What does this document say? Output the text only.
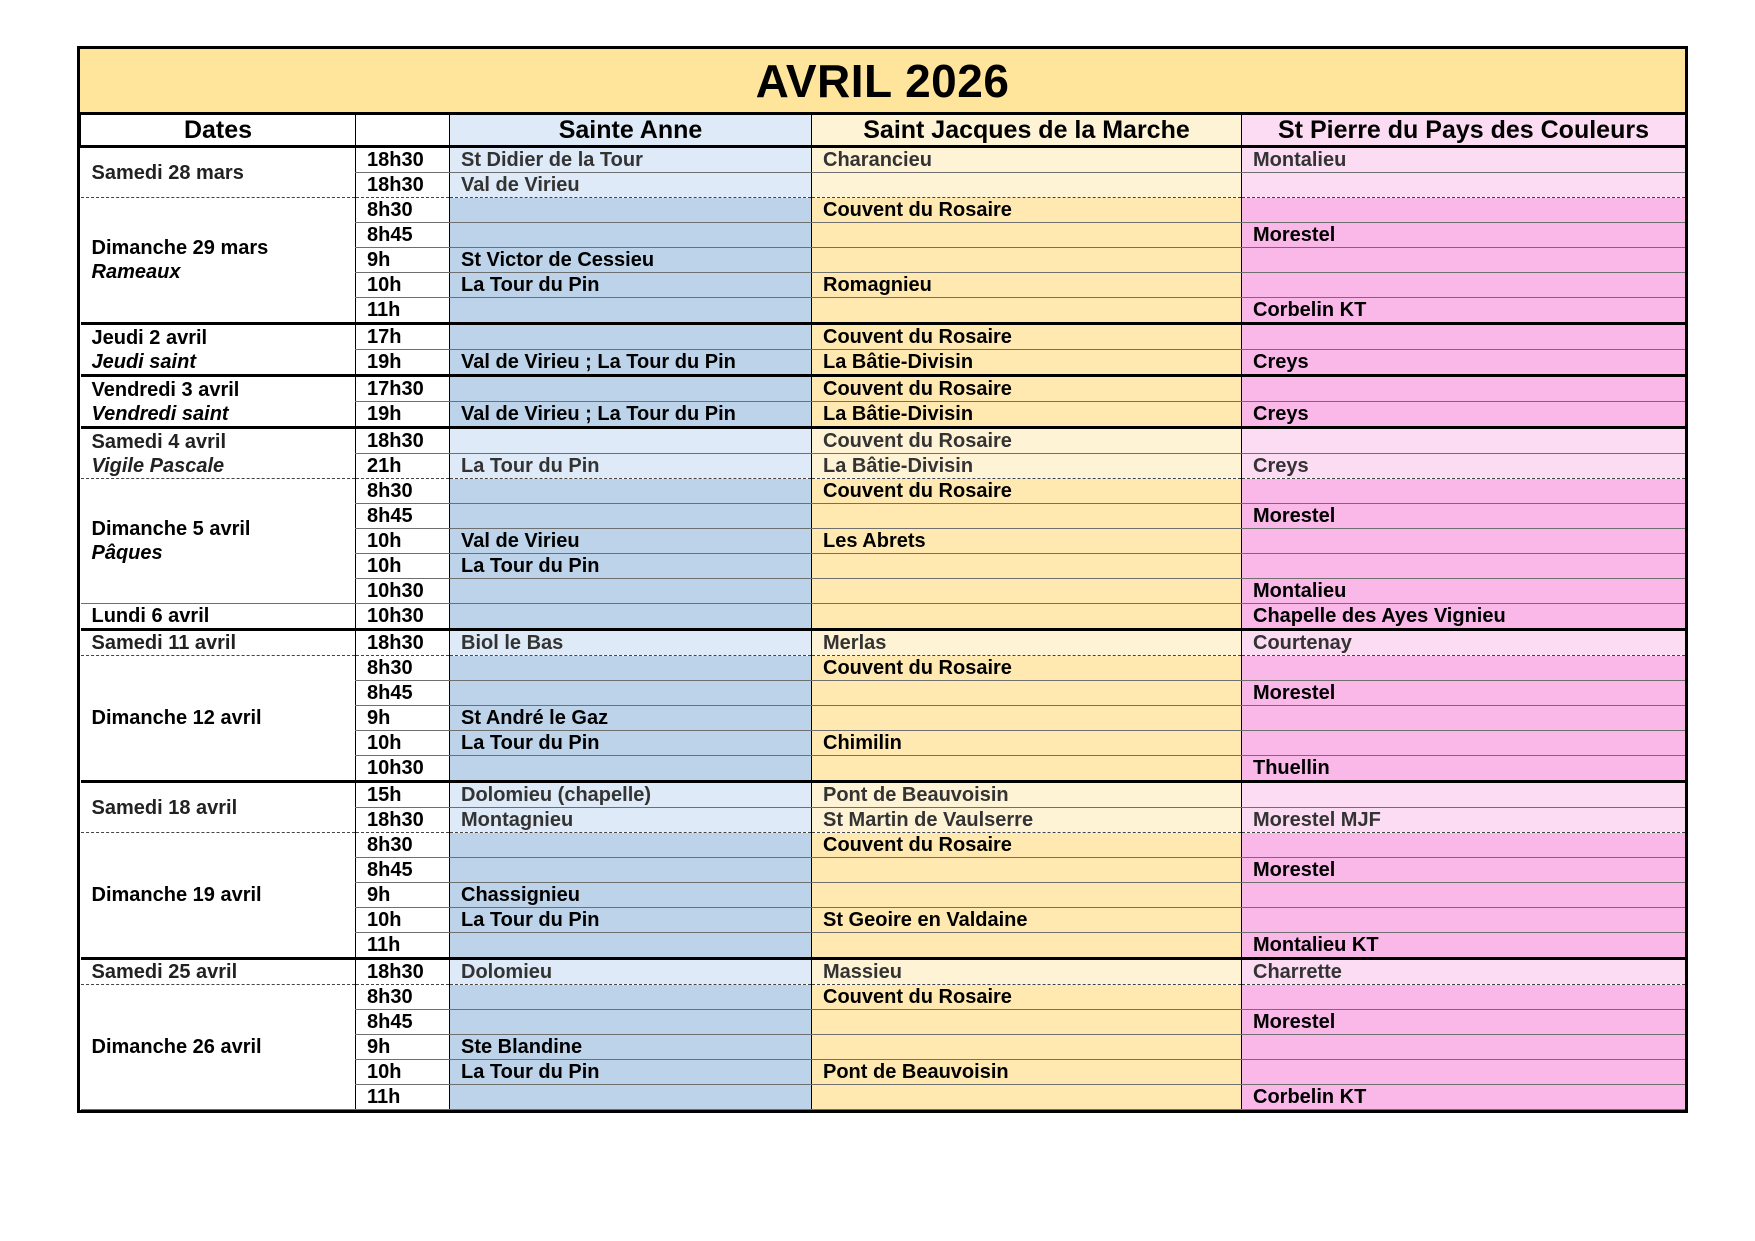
AVRIL 2026
Dates		Sainte Anne	Saint Jacques de la Marche	St Pierre du Pays des Couleurs

Samedi 28 mars	18h30	St Didier de la Tour	Charancieu	Montalieu
	18h30	Val de Virieu		

Dimanche 29 mars
Rameaux	8h30		Couvent du Rosaire	
	8h45			Morestel
	9h	St Victor de Cessieu		
	10h	La Tour du Pin	Romagnieu	
	11h			Corbelin KT

Jeudi 2 avril
Jeudi saint	17h		Couvent du Rosaire	
	19h	Val de Virieu ; La Tour du Pin	La Bâtie-Divisin	Creys

Vendredi 3 avril
Vendredi saint	17h30		Couvent du Rosaire	
	19h	Val de Virieu ; La Tour du Pin	La Bâtie-Divisin	Creys

Samedi 4 avril
Vigile Pascale	18h30		Couvent du Rosaire	
	21h	La Tour du Pin	La Bâtie-Divisin	Creys

Dimanche 5 avril
Pâques	8h30		Couvent du Rosaire	
	8h45			Morestel
	10h	Val de Virieu	Les Abrets	
	10h	La Tour du Pin		
	10h30			Montalieu

Lundi 6 avril	10h30			Chapelle des Ayes Vignieu

Samedi 11 avril	18h30	Biol le Bas	Merlas	Courtenay

Dimanche 12 avril	8h30		Couvent du Rosaire	
	8h45			Morestel
	9h	St André le Gaz		
	10h	La Tour du Pin	Chimilin	
	10h30			Thuellin

Samedi 18 avril	15h	Dolomieu (chapelle)	Pont de Beauvoisin	
	18h30	Montagnieu	St Martin de Vaulserre	Morestel MJF

Dimanche 19 avril	8h30		Couvent du Rosaire	
	8h45			Morestel
	9h	Chassignieu		
	10h	La Tour du Pin	St Geoire en Valdaine	
	11h			Montalieu KT

Samedi 25 avril	18h30	Dolomieu	Massieu	Charrette

Dimanche 26 avril	8h30		Couvent du Rosaire	
	8h45			Morestel
	9h	Ste Blandine		
	10h	La Tour du Pin	Pont de Beauvoisin	
	11h			Corbelin KT
